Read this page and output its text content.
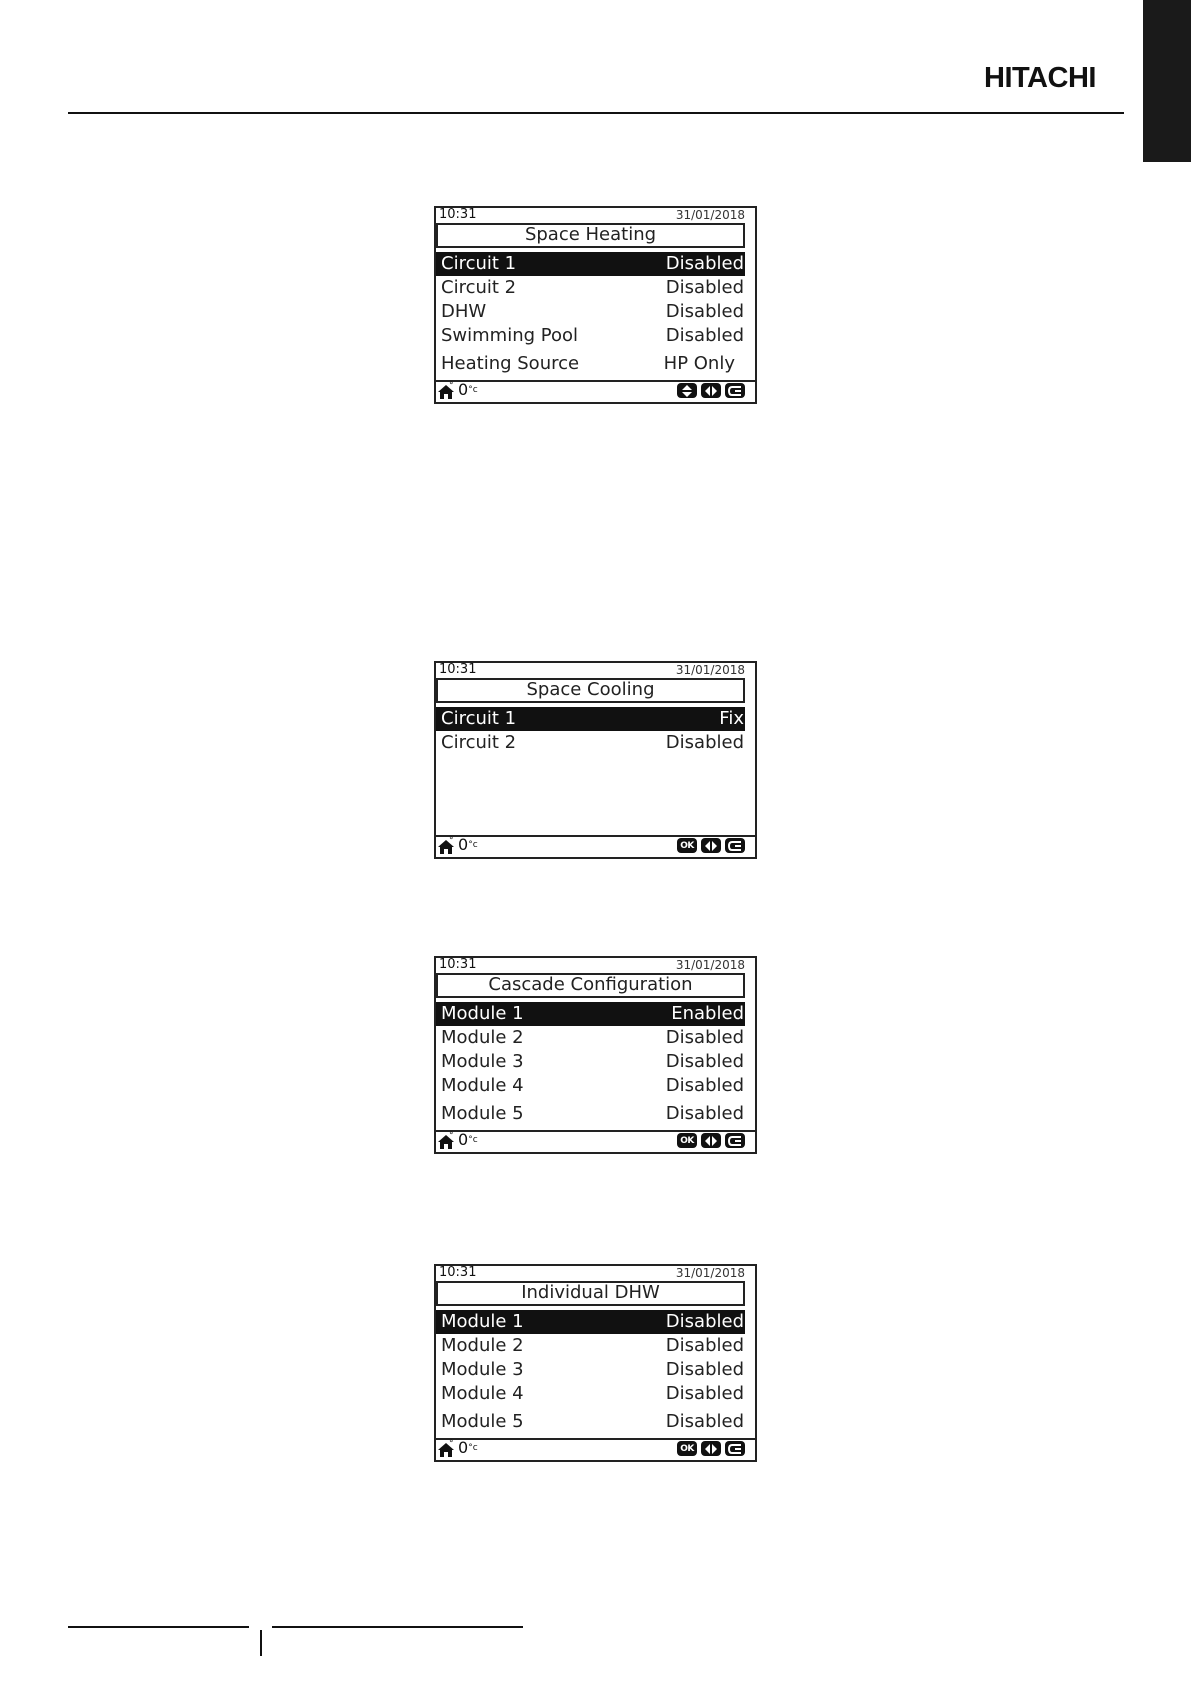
HITACHI
10:31	31/01/2018
Space Heating
Circuit 1	Disabled
Circuit 2	Disabled
DHW	Disabled
Swimming Pool	Disabled
Heating Source	HP Only
° $0^{^\circ c}$
10:31	31/01/2018
Space Cooling
Circuit 1	Fix
Circuit 2	Disabled
° $0^{^\circ c}$	OK
10:31	31/01/2018
Cascade Configuration
Module 1	Enabled
Module 2	Disabled
Module 3	Disabled
Module 4	Disabled
Module 5	Disabled
° $0^{^\circ c}$	OK
10:31	31/01/2018
Individual DHW
Module 1	Disabled
Module 2	Disabled
Module 3	Disabled
Module 4	Disabled
Module 5	Disabled
° $0^{^\circ c}$	OK
